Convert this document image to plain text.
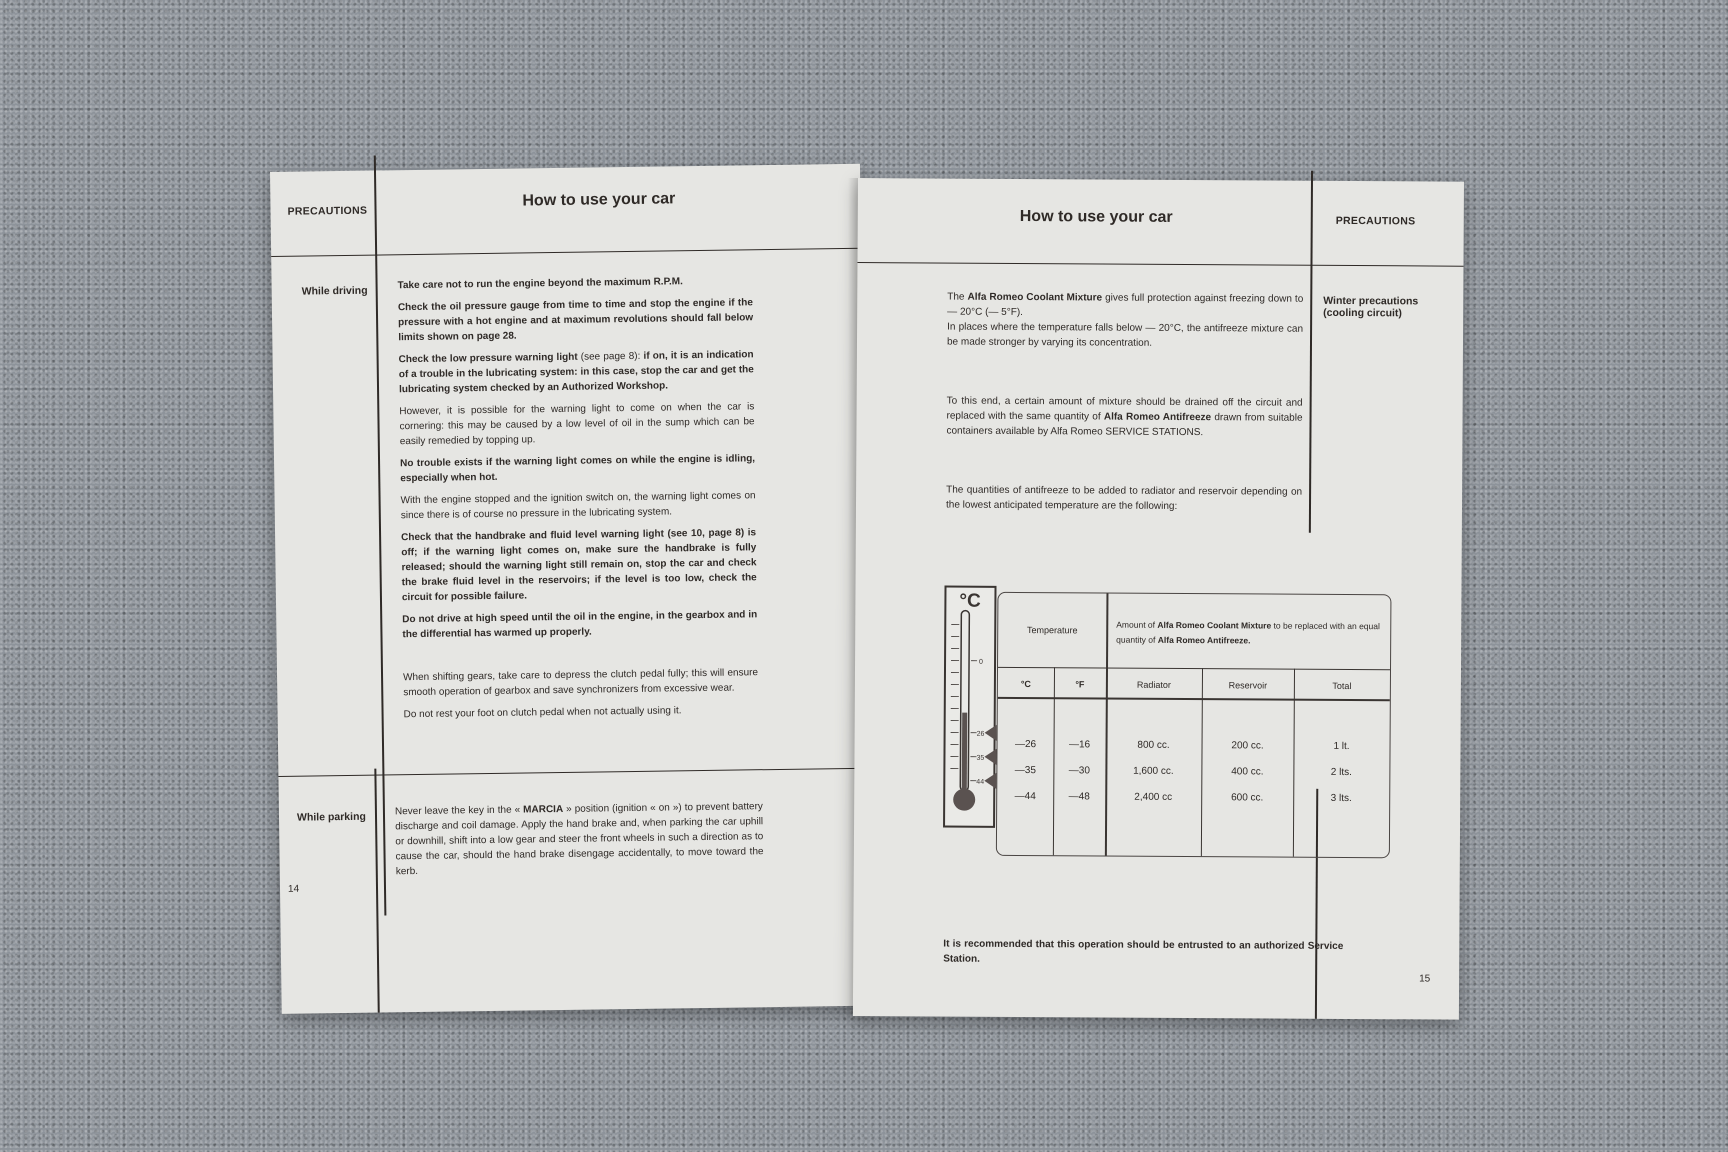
PRECAUTIONS
How to use your car
While driving	Take care not to run the engine beyond the maximum R.P.M.

Check the oil pressure gauge from time to time and stop the engine if the pressure with a hot engine and at maximum revolutions should fall below limits shown on page 28.

Check the low pressure warning light (see page 8): if on, it is an indication of a trouble in the lubricating system: in this case, stop the car and get the lubricating system checked by an Authorized Workshop.

However, it is possible for the warning light to come on when the car is cornering: this may be caused by a low level of oil in the sump which can be easily remedied by topping up.

No trouble exists if the warning light comes on while the engine is idling, especially when hot.

With the engine stopped and the ignition switch on, the warning light comes on since there is of course no pressure in the lubricating system.

Check that the handbrake and fluid level warning light (see 10, page 8) is off; if the warning light comes on, make sure the handbrake is fully released; should the warning light still remain on, stop the car and check the brake fluid level in the reservoirs; if the level is too low, check the circuit for possible failure.

Do not drive at high speed until the oil in the engine, in the gearbox and in the differential has warmed up properly.

When shifting gears, take care to depress the clutch pedal fully; this will ensure smooth operation of gearbox and save synchronizers from excessive wear.

Do not rest your foot on clutch pedal when not actually using it.

While parking	Never leave the key in the « MARCIA » position (ignition « on ») to prevent battery discharge and coil damage. Apply the hand brake and, when parking the car uphill or downhill, shift into a low gear and steer the front wheels in such a direction as to cause the car, should the hand brake disengage accidentally, to move toward the kerb.
14
How to use your car	PRECAUTIONS
Winter precautions (cooling circuit)

The Alfa Romeo Coolant Mixture gives full protection against freezing down to — 20°C (— 5°F).

In places where the temperature falls below — 20°C, the antifreeze mixture can be made stronger by varying its concentration.

To this end, a certain amount of mixture should be drained off the circuit and replaced with the same quantity of Alfa Romeo Antifreeze drawn from suitable containers available by Alfa Romeo SERVICE STATIONS.

The quantities of antifreeze to be added to radiator and reservoir depending on the lowest anticipated temperature are the following:

°C
0
26
35
44
Temperature
Amount of Alfa Romeo Coolant Mixture to be replaced with an equal quantity of Alfa Romeo Antifreeze.
°C	°F	Radiator	Reservoir	Total
—26	—16	800 cc.	200 cc.	1 lt.
—35	—30	1,600 cc.	400 cc.	2 lts.
—44	—48	2,400 cc	600 cc.	3 lts.
It is recommended that this operation should be entrusted to an authorized Service Station.
15
